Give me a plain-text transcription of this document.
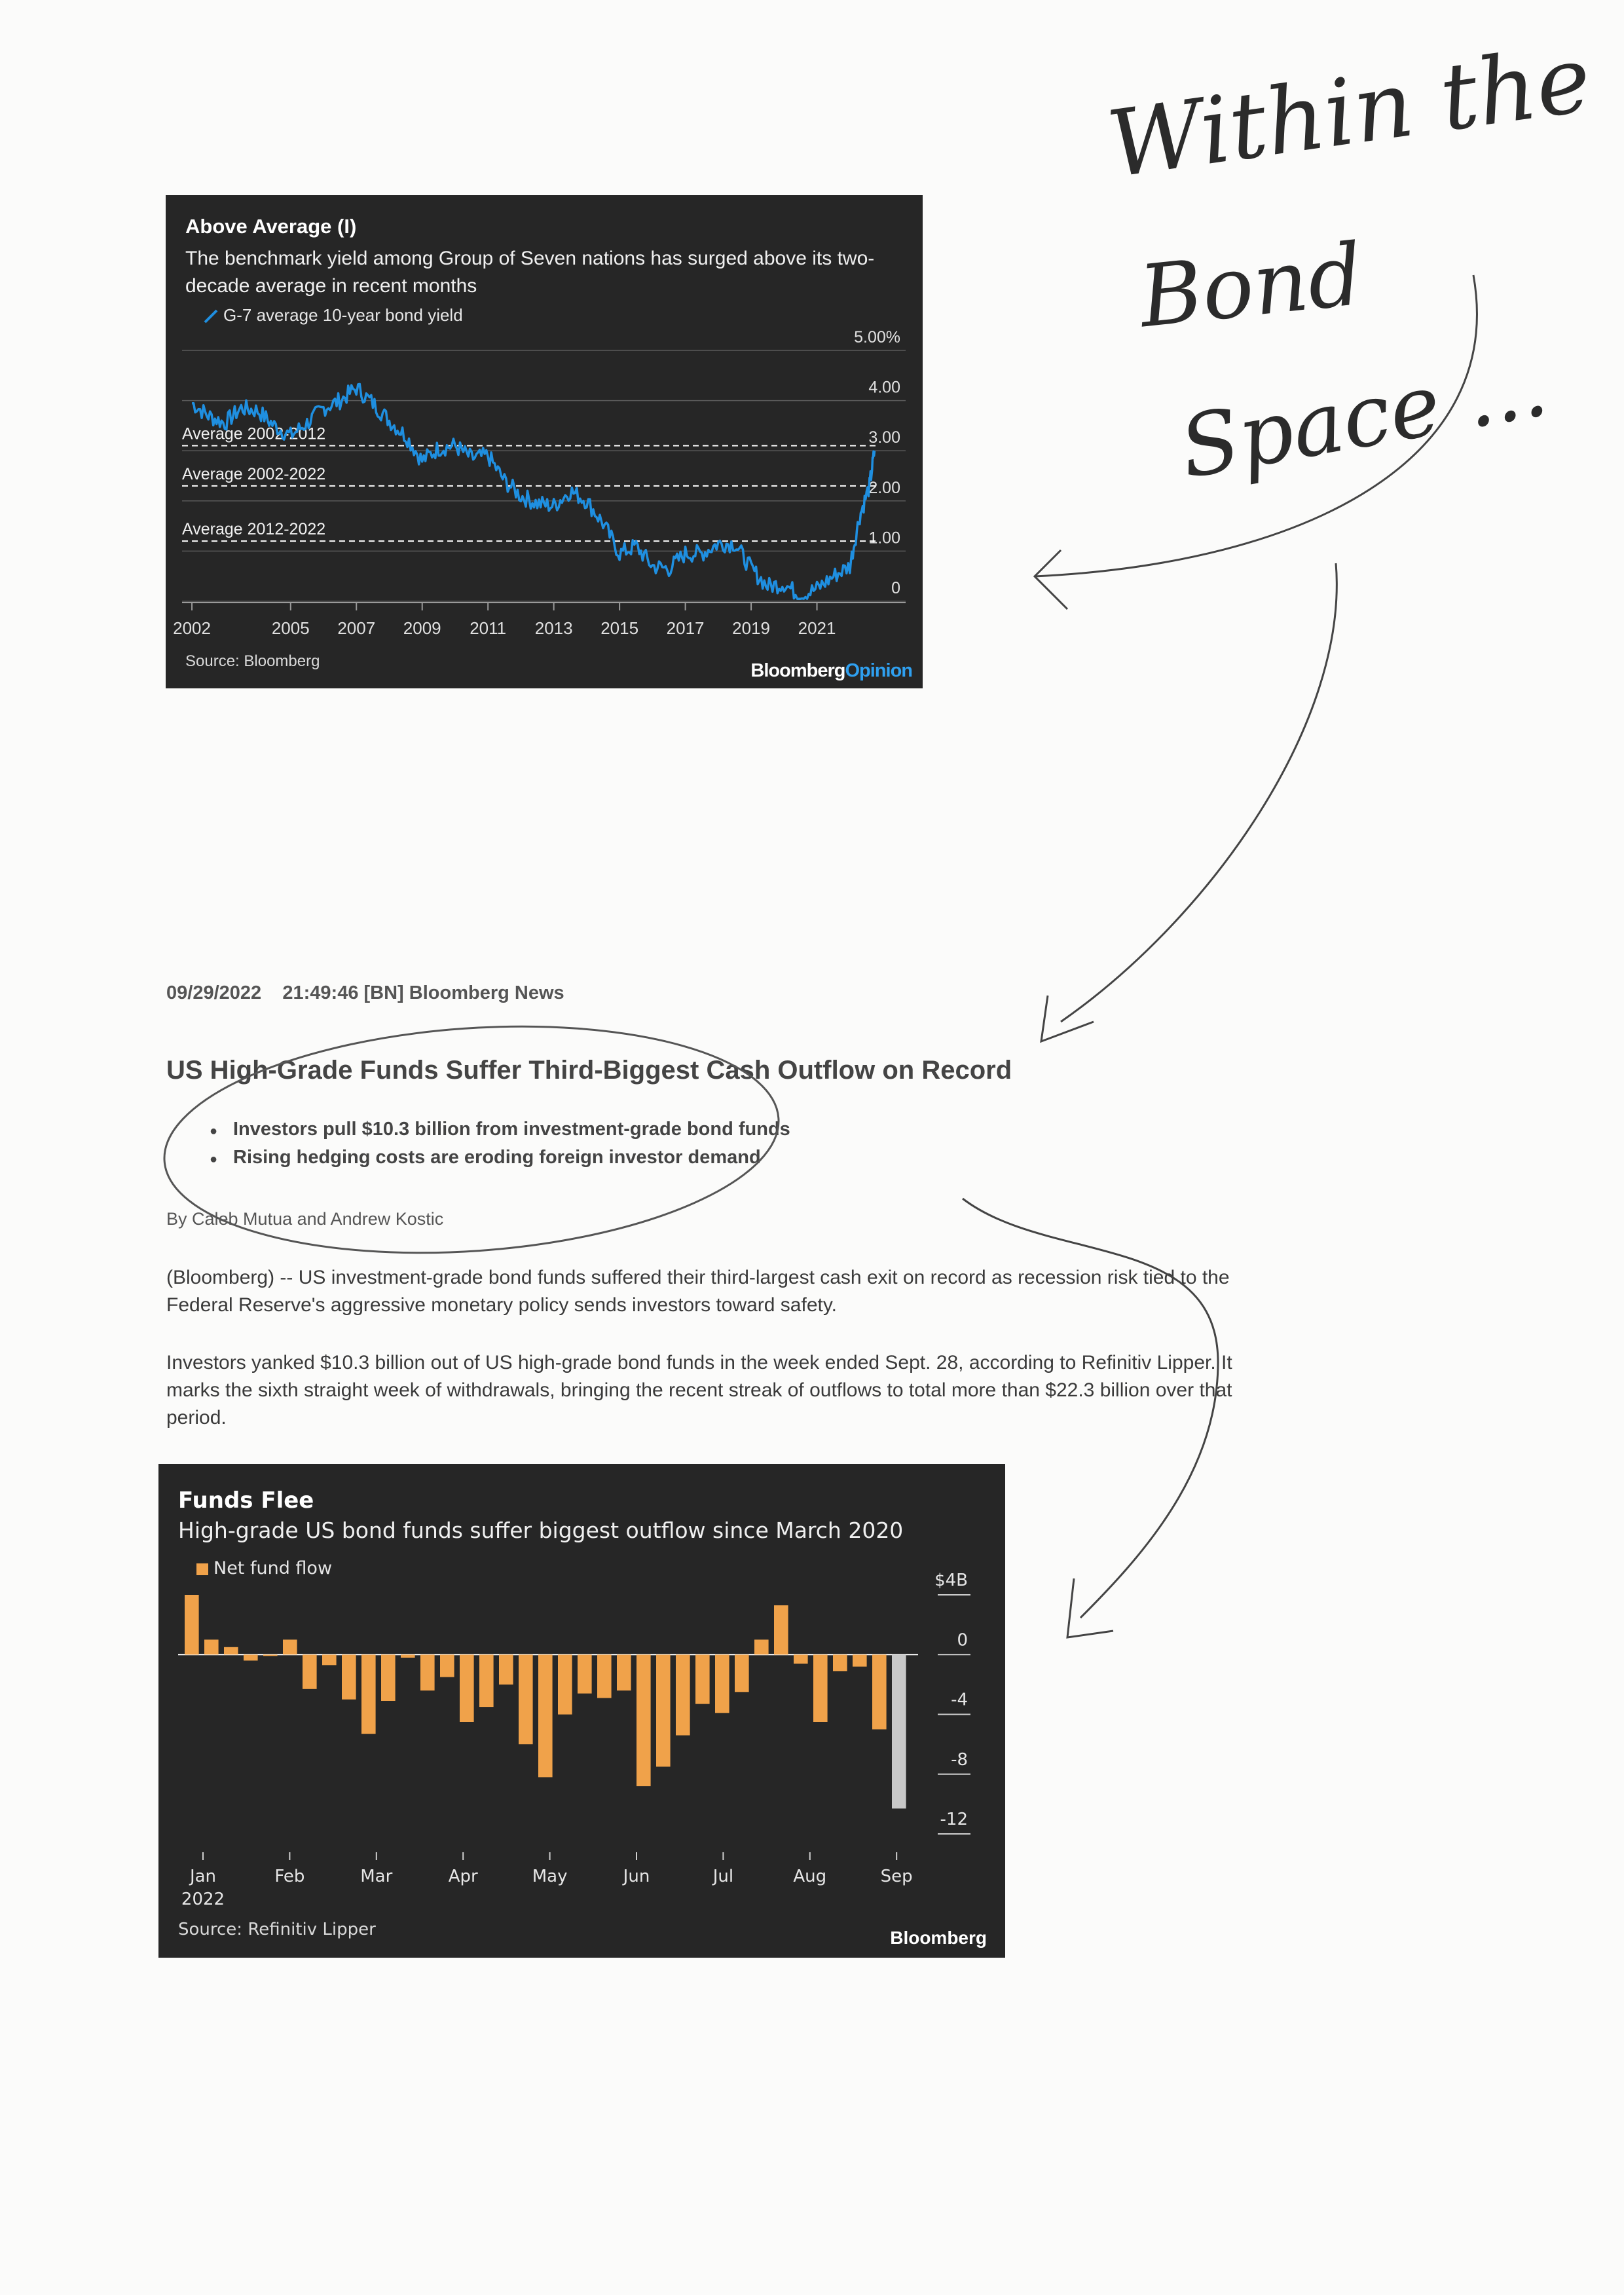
5.00%
4.00
3.00
2.00
1.00
0
2002	2005 2007 2009 2011 2013 2015 2017 2019 2021
Average 2002-2012
Average 2002-2022
Average 2012-2022
Above Average (I)
The benchmark yield among Group of Seven nations has surged above its two-decade average in recent months
G-7 average 10-year bond yield
Source: Bloomberg	BloombergOpinion
09/29/2022    21:49:46 [BN] Bloomberg News
US High-Grade Funds Suffer Third-Biggest Cash Outflow on Record
● Investors pull $10.3 billion from investment-grade bond funds
● Rising hedging costs are eroding foreign investor demand
By Caleb Mutua and Andrew Kostic
(Bloomberg) -- US investment-grade bond funds suffered their third-largest cash exit on record as recession risk tied to the Federal Reserve's aggressive monetary policy sends investors toward safety.
Investors yanked $10.3 billion out of US high-grade bond funds in the week ended Sept. 28, according to Refinitiv Lipper. It marks the sixth straight week of withdrawals, bringing the recent streak of outflows to total more than $22.3 billion over that period.
$4B
0
-4
-8
-12
Jan	Feb	Mar	Apr	May	Jun	Jul	Aug	Sep
2022
Funds Flee
High-grade US bond funds suffer biggest outflow since March 2020
Net fund flow
Source: Refinitiv Lipper	Bloomberg
Within the
Bond
Space ...
